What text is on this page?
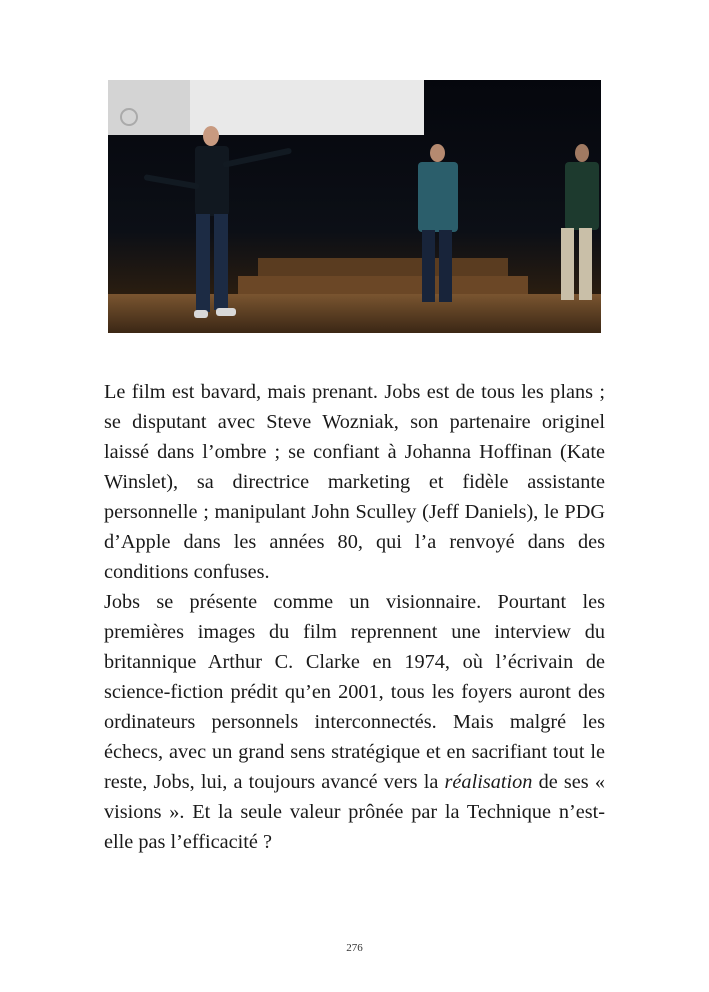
Le film est bavard, mais prenant. Jobs est de tous les plans ; se disputant avec Steve Wozniak, son partenaire originel laissé dans l’ombre ; se confiant à Johanna Hoffinan (Kate Winslet), sa directrice marketing et fidèle assistante personnelle ; manipulant John Sculley (Jeff Daniels), le PDG d’Apple dans les années 80, qui l’a renvoyé dans des conditions confuses.

Jobs se présente comme un visionnaire. Pourtant les premières images du film reprennent une interview du britannique Arthur C. Clarke en 1974, où l’écrivain de science-fiction prédit qu’en 2001, tous les foyers auront des ordinateurs personnels interconnectés. Mais malgré les échecs, avec un grand sens stratégique et en sacrifiant tout le reste, Jobs, lui, a toujours avancé vers la réalisation de ses « visions ». Et la seule valeur prônée par la Technique n’est-elle pas l’efficacité ?

276
